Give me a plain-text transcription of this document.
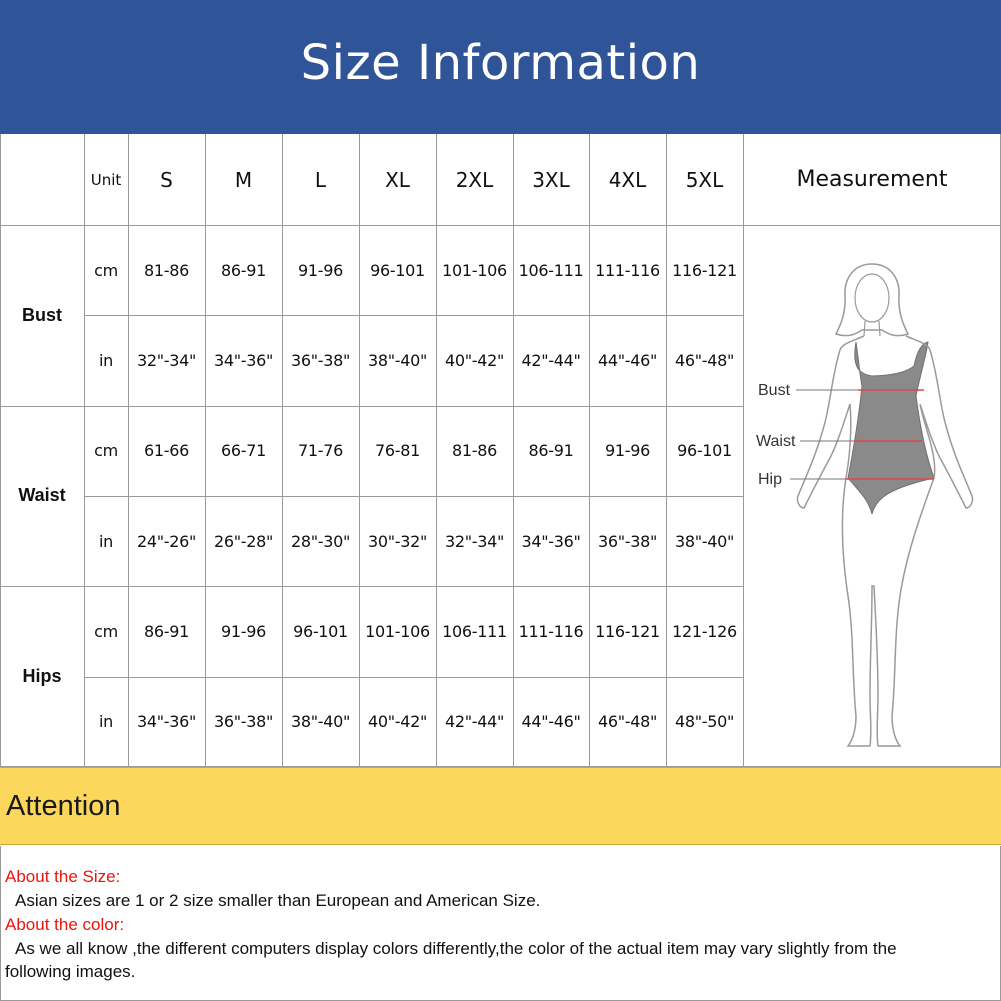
Size Information
Unit	S	M	L	XL	2XL	3XL	4XL	5XL	Measurement
Bust
cm	81-86	86-91	91-96	96-101	101-106 106-111 111-116 116-121
in	32"-34"	34"-36"	36"-38"	38"-40"	40"-42"	42"-44"	44"-46"	46"-48"
Waist
cm	61-66	66-71	71-76	76-81	81-86	86-91	91-96	96-101
in	24"-26"	26"-28"	28"-30"	30"-32"	32"-34"	34"-36"	36"-38"	38"-40"
Hips
cm	86-91	91-96	96-101	101-106 106-111 111-116 116-121 121-126
in	34"-36"	36"-38"	38"-40"	40"-42"	42"-44"	44"-46"	46"-48"	48"-50"
Bust
Waist
Hip
Attention
About the Size:
Asian sizes are 1 or 2 size smaller than European and American Size.
About the color:
As we all know ,the different computers display colors differently,the color of the actual item may vary slightly from the
following images.
